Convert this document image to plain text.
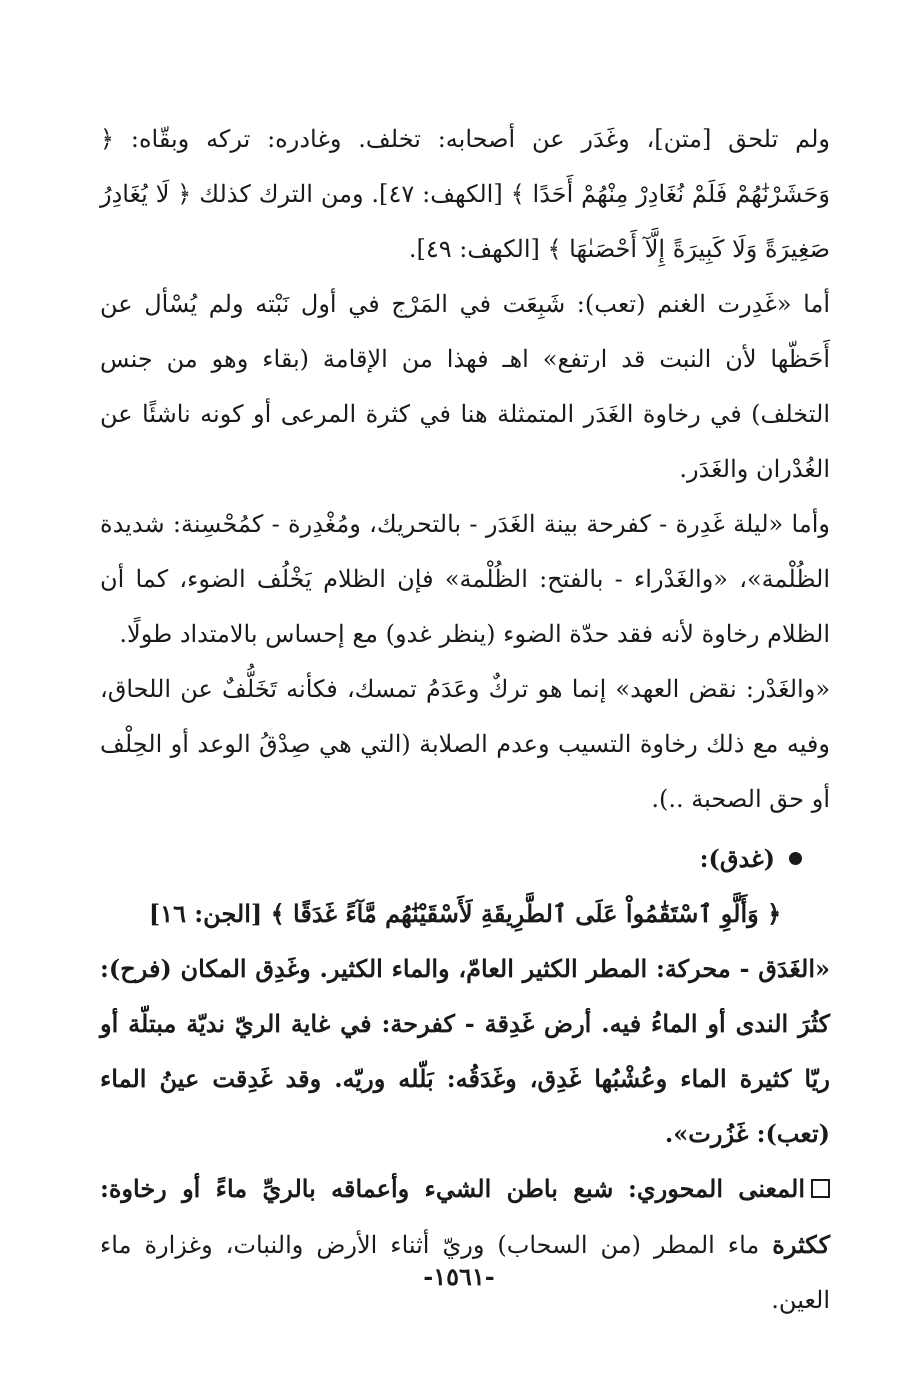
ولم تلحق [متن]، وغَدَر عن أصحابه: تخلف. وغادره: تركه وبقّاه: ﴿ وَحَشَرْنَٰهُمْ فَلَمْ نُغَادِرْ مِنْهُمْ أَحَدًا ﴾ [الكهف: ٤٧]. ومن الترك كذلك ﴿ لَا يُغَادِرُ صَغِيرَةً وَلَا كَبِيرَةً إِلَّآ أَحْصَىٰهَا ﴾ [الكهف: ٤٩].

أما «غَدِرت الغنم (تعب): شَبِعَت في المَرْج في أول نَبْته ولم يُسْأل عن أَحَظّها لأن النبت قد ارتفع» اهـ فهذا من الإقامة (بقاء وهو من جنس التخلف) في رخاوة الغَدَر المتمثلة هنا في كثرة المرعى أو كونه ناشئًا عن الغُدْران والغَدَر.

وأما «ليلة غَدِرة - كفرحة بينة الغَدَر - بالتحريك، ومُغْدِرة - كمُحْسِنة: شديدة الظُلْمة»، «والغَدْراء - بالفتح: الظُلْمة» فإن الظلام يَخْلُف الضوء، كما أن الظلام رخاوة لأنه فقد حدّة الضوء (ينظر غدو) مع إحساس بالامتداد طولًا.

«والغَدْر: نقض العهد» إنما هو تركٌ وعَدَمُ تمسك، فكأنه تَخَلُّفٌ عن اللحاق، وفيه مع ذلك رخاوة التسيب وعدم الصلابة (التي هي صِدْقُ الوعد أو الحِلْف أو حق الصحبة ..).

(غدق):

﴿ وَأَلَّوِ ٱسْتَقَٰمُواْ عَلَى ٱلطَّرِيقَةِ لَأَسْقَيْنَٰهُم مَّآءً غَدَقًا ﴾ [الجن: ١٦]

«الغَدَق - محركة: المطر الكثير العامّ، والماء الكثير. وغَدِق المكان (فرح): كثُرَ الندى أو الماءُ فيه. أرض غَدِقة - كفرحة: في غاية الريّ نديّة مبتلّة أو ريّا كثيرة الماء وعُشْبُها غَدِق، وغَدَقُه: بَلّله وريّه. وقد غَدِقت عينُ الماء (تعب): غَزُرت».

المعنى المحوري: شبع باطن الشيء وأعماقه بالريِّ ماءً أو رخاوة: ككثرة ماء المطر (من السحاب) وريّ أثناء الأرض والنبات، وغزارة ماء العين.

-١٥٦١-
